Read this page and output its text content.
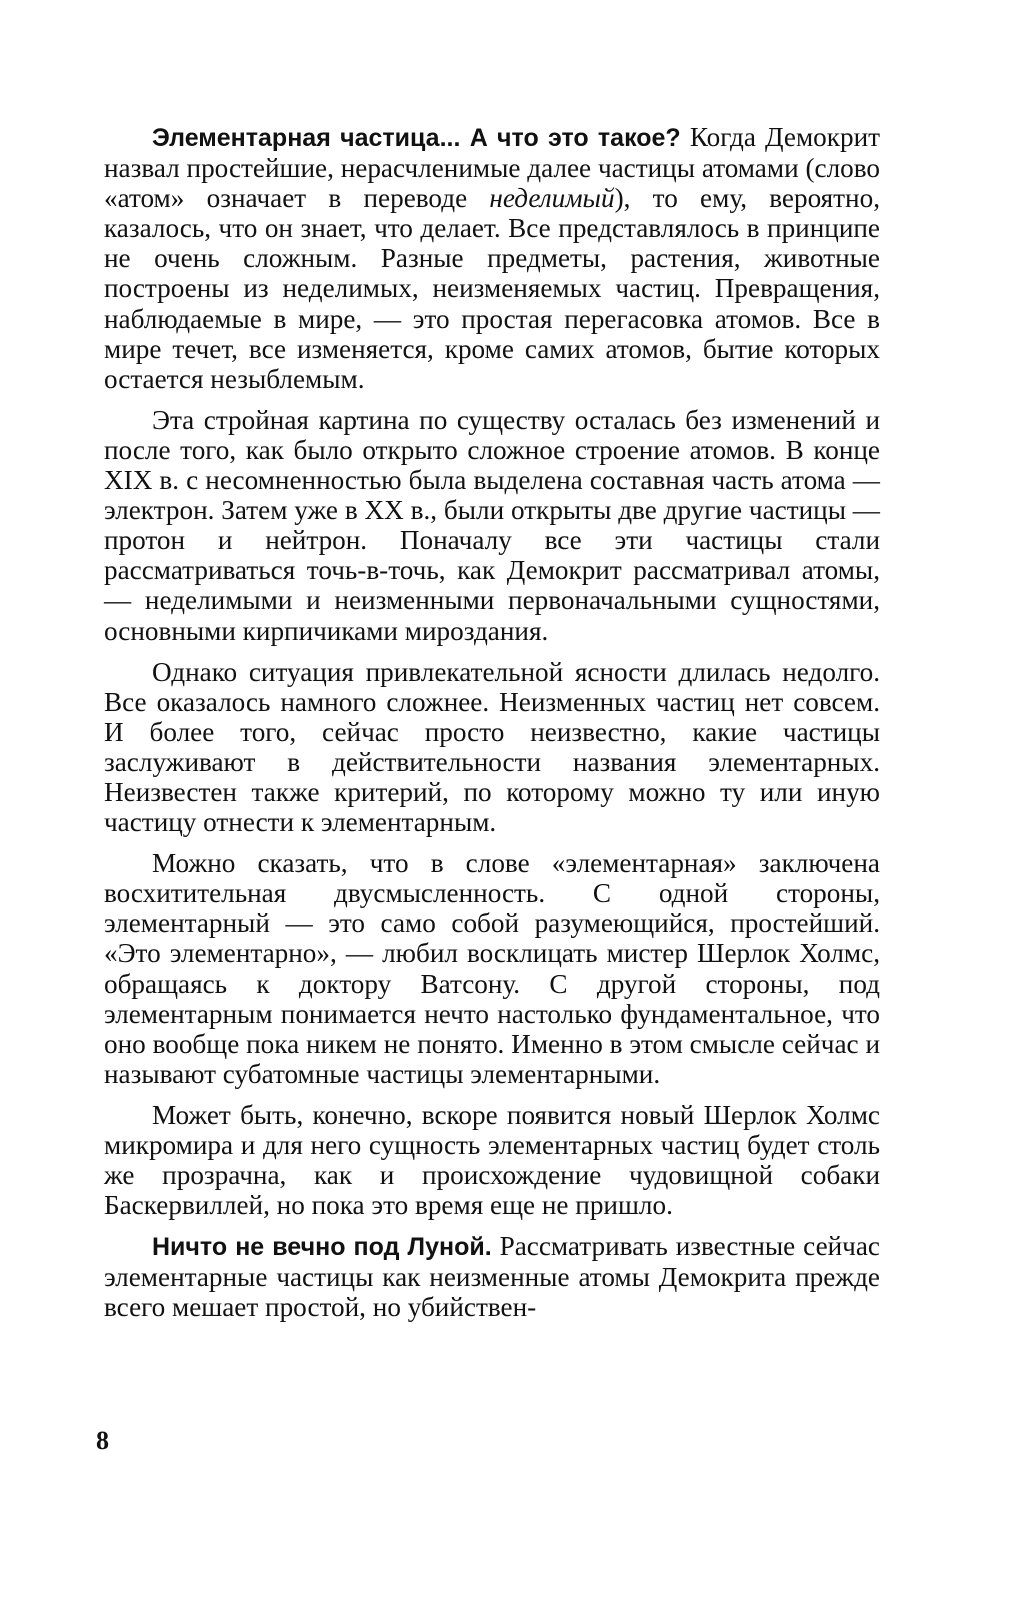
Элементарная частица... А что это такое? Когда Демокрит назвал простейшие, нерасчленимые далее частицы атомами (слово «атом» означает в переводе неделимый), то ему, вероятно, казалось, что он знает, что делает. Все представлялось в принципе не очень сложным. Разные предметы, растения, животные построены из неделимых, неизменяемых частиц. Превращения, наблюдаемые в мире, — это простая перегасовка атомов. Все в мире течет, все изменяется, кроме самих атомов, бытие которых остается незыблемым.

Эта стройная картина по существу осталась без изменений и после того, как было открыто сложное строение атомов. В конце XIX в. с несомненностью была выделена составная часть атома — электрон. Затем уже в XX в., были открыты две другие частицы — протон и нейтрон. Поначалу все эти частицы стали рассматриваться точь-в-точь, как Демокрит рассматривал атомы, — неделимыми и неизменными первоначальными сущностями, основными кирпичиками мироздания.

Однако ситуация привлекательной ясности длилась недолго. Все оказалось намного сложнее. Неизменных частиц нет совсем. И более того, сейчас просто неизвестно, какие частицы заслуживают в действительности названия элементарных. Неизвестен также критерий, по которому можно ту или иную частицу отнести к элементарным.

Можно сказать, что в слове «элементарная» заключена восхитительная двусмысленность. С одной стороны, элементарный — это само собой разумеющийся, простейший. «Это элементарно», — любил восклицать мистер Шерлок Холмс, обращаясь к доктору Ватсону. С другой стороны, под элементарным понимается нечто настолько фундаментальное, что оно вообще пока никем не понято. Именно в этом смысле сейчас и называют субатомные частицы элементарными.

Может быть, конечно, вскоре появится новый Шерлок Холмс микромира и для него сущность элементарных частиц будет столь же прозрачна, как и происхождение чудовищной собаки Баскервиллей, но пока это время еще не пришло.

Ничто не вечно под Луной. Рассматривать известные сейчас элементарные частицы как неизменные атомы Демокрита прежде всего мешает простой, но убийствен-

8
